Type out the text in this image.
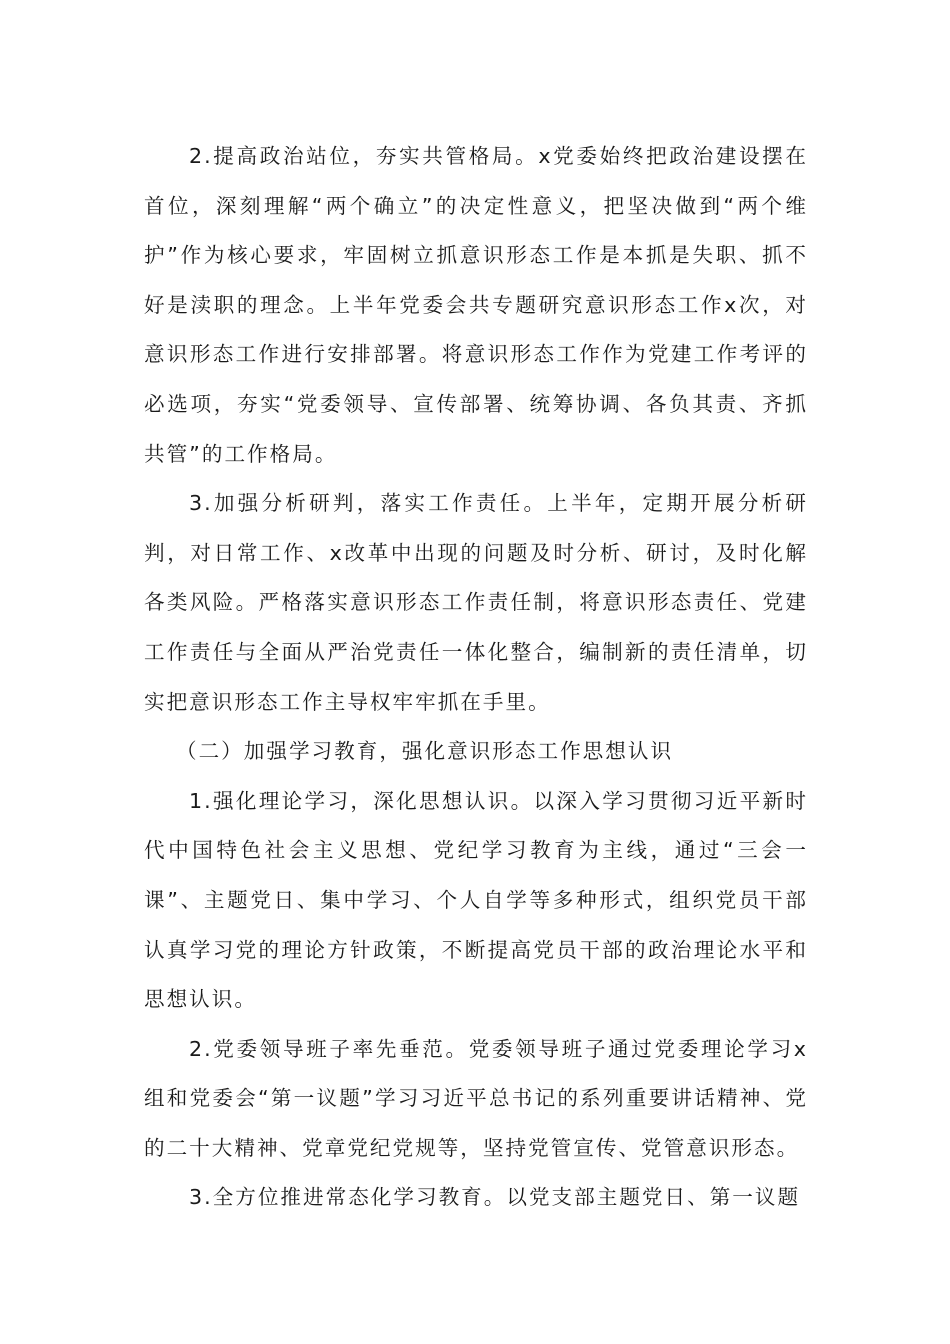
2.提高政治站位，夯实共管格局。x党委始终把政治建设摆在首位，深刻理解“两个确立”的决定性意义，把坚决做到“两个维护”作为核心要求，牢固树立抓意识形态工作是本抓是失职、抓不好是渎职的理念。上半年党委会共专题研究意识形态工作x次，对意识形态工作进行安排部署。将意识形态工作作为党建工作考评的必选项，夯实“党委领导、宣传部署、统筹协调、各负其责、齐抓共管”的工作格局。

3.加强分析研判，落实工作责任。上半年，定期开展分析研判，对日常工作、x改革中出现的问题及时分析、研讨，及时化解各类风险。严格落实意识形态工作责任制，将意识形态责任、党建工作责任与全面从严治党责任一体化整合，编制新的责任清单，切实把意识形态工作主导权牢牢抓在手里。

（二）加强学习教育，强化意识形态工作思想认识

1.强化理论学习，深化思想认识。以深入学习贯彻习近平新时代中国特色社会主义思想、党纪学习教育为主线，通过“三会一课”、主题党日、集中学习、个人自学等多种形式，组织党员干部认真学习党的理论方针政策，不断提高党员干部的政治理论水平和思想认识。

2.党委领导班子率先垂范。党委领导班子通过党委理论学习x组和党委会“第一议题”学习习近平总书记的系列重要讲话精神、党的二十大精神、党章党纪党规等，坚持党管宣传、党管意识形态。

3.全方位推进常态化学习教育。以党支部主题党日、第一议题
